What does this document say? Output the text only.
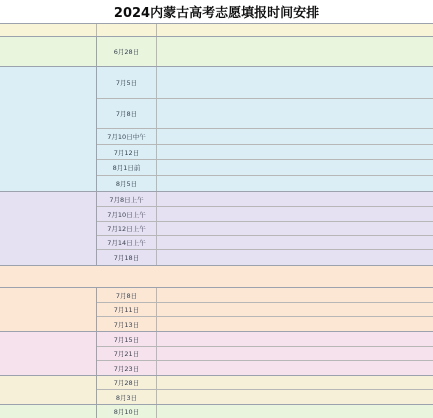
2024内蒙古高考志愿填报时间安排
6月28日
7月5日
7月8日
7月10日中午
7月12日
8月1日前
8月5日
7月8日上午
7月10日上午
7月12日上午
7月14日上午
7月18日
7月8日
7月11日
7月13日
7月15日
7月21日
7月23日
7月28日
8月3日
8月10日
